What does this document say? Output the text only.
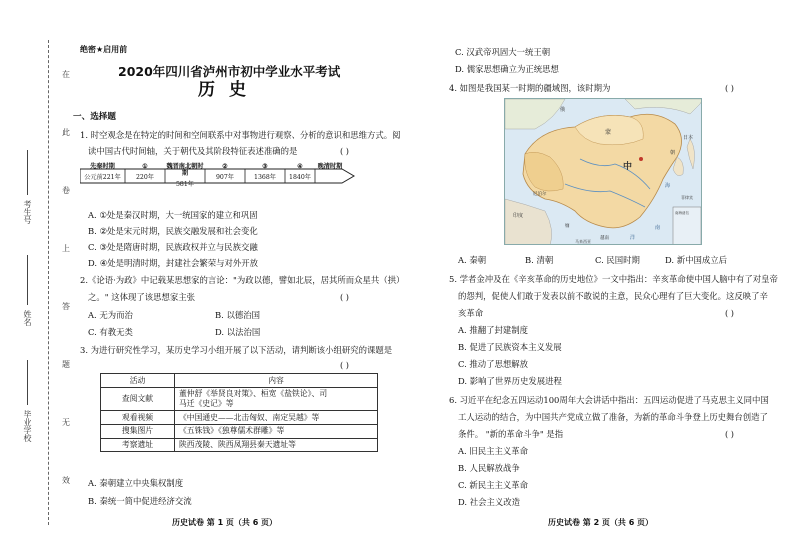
在
此
卷
上
答
题
无
效
考生号
姓名
毕业学校
绝密★启用前
2020年四川省泸州市初中学业水平考试
历史
一、选择题
1. 时空观念是在特定的时间和空间联系中对事物进行观察、分析的意识和思维方式。阅
读中国古代时间轴，关于朝代及其阶段特征表述准确的是	( )
先秦时期
公元前221年
①
220年
魏晋南北朝时期
581年
②
907年
③
1368年
④
1840年
晚清时期
A. ①处是秦汉时期，大一统国家的建立和巩固
B. ②处是宋元时期，民族交融发展和社会变化
C. ③处是隋唐时期，民族政权并立与民族交融
D. ④处是明清时期，封建社会繁荣与对外开放
2.《论语·为政》中记载某思想家的言论："为政以德，譬如北辰，居其所而众星共（拱）
之。" 这体现了该思想家主张	( )
A. 无为而治	B. 以德治国
C. 有教无类	D. 以法治国
3. 为进行研究性学习，某历史学习小组开展了以下活动，请判断该小组研究的课题是
( )
活动	内容
查阅文献	董仲舒《举贤良对策》、桓宽《盐铁论》、司
马迁《史记》等
观看视频	《中国通史——北击匈奴、南定吴越》等
搜集图片	《五铢钱》《独尊儒术群雕》等
考察遗址	陕西茂陵、陕西凤翔县秦天遗址等
A. 秦朝建立中央集权制度
B. 秦统一简中促进经济交流
历史试卷 第 1 页（共 6 页）
C. 汉武帝巩固大一统王朝
D. 儒家思想确立为正统思想
4. 如图是我国某一时期的疆域图，该时期为	( )
俄
蒙
中
朝
日本
海
南
洋
印度
尼泊尔
缅
越南
菲律宾
马来西亚
南海诸岛
A. 秦朝	B. 清朝	C. 民国时期	D. 新中国成立后
5. 学者金冲及在《辛亥革命的历史地位》一文中指出：辛亥革命使中国人脑中有了对皇帝
的怨判，促使人们敢于发表以前不敢说的主意，民众心理有了巨大变化。这反映了辛
亥革命	( )
A. 推翻了封建制度
B. 促进了民族资本主义发展
C. 推动了思想解放
D. 影响了世界历史发展进程
6. 习近平在纪念五四运动100周年大会讲话中指出：五四运动促进了马克思主义同中国
工人运动的结合，为中国共产党成立做了准备，为新的革命斗争登上历史舞台创造了
条件。 "新的革命斗争" 是指	( )
A. 旧民主主义革命
B. 人民解放战争
C. 新民主主义革命
D. 社会主义改造
历史试卷 第 2 页（共 6 页）
